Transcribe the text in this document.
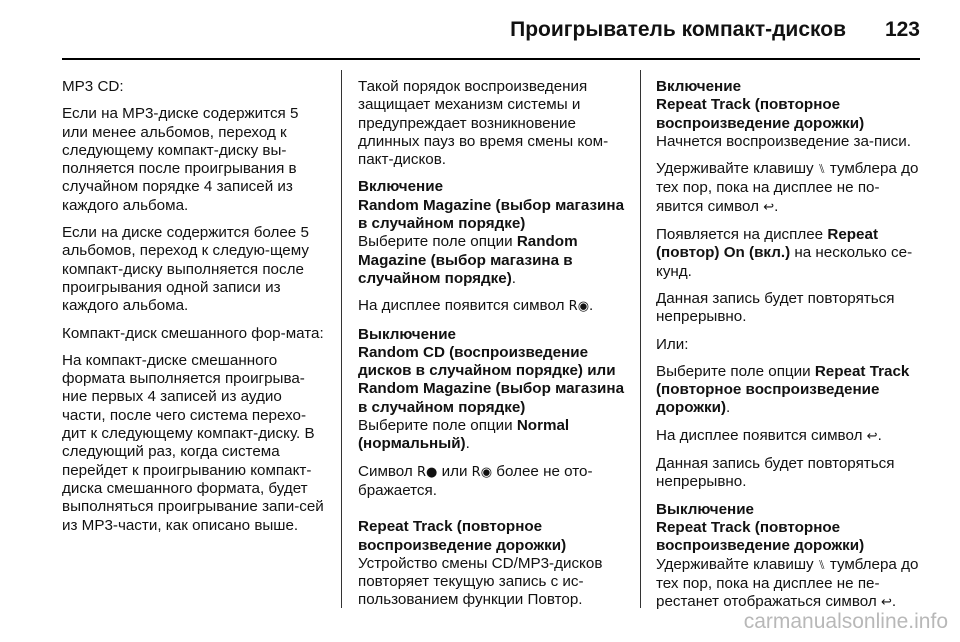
Проигрыватель компакт-дисков 123

MP3 CD:

Если на MP3-диске содержится 5 или менее альбомов, переход к следующему компакт-диску вы-полняется после проигрывания в случайном порядке 4 записей из каждого альбома.

Если на диске содержится более 5 альбомов, переход к следую-щему компакт-диску выполняется после проигрывания одной записи из каждого альбома.

Компакт-диск смешанного фор-мата:

На компакт-диске смешанного формата выполняется проигрыва-ние первых 4 записей из аудио части, после чего система перехо-дит к следующему компакт-диску. В следующий раз, когда система перейдет к проигрыванию компакт-диска смешанного формата, будет выполняться проигрывание запи-сей из MP3-части, как описано выше.

Такой порядок воспроизведения защищает механизм системы и предупреждает возникновение длинных пауз во время смены ком-пакт-дисков.

Включение
Random Magazine (выбор магазина в случайном порядке)

Выберите поле опции Random Magazine (выбор магазина в случайном порядке).

На дисплее появится символ R◉.

Выключение
Random CD (воспроизведение дисков в случайном порядке) или Random Magazine (выбор магазина в случайном порядке)

Выберите поле опции Normal (нормальный).

Символ R● или R◉ более не ото-бражается.

Repeat Track (повторное воспроизведение дорожки)

Устройство смены CD/MP3-дисков повторяет текущую запись с ис-пользованием функции Повтор.

Включение
Repeat Track (повторное воспроизведение дорожки)

Начнется воспроизведение за-писи.

Удерживайте клавишу ⑊ тумблера до тех пор, пока на дисплее не по-явится символ ↩.

Появляется на дисплее Repeat (повтор) On (вкл.) на несколько се-кунд.

Данная запись будет повторяться непрерывно.

Или:

Выберите поле опции Repeat Track (повторное воспроизведение дорожки).

На дисплее появится символ ↩.

Данная запись будет повторяться непрерывно.

Выключение
Repeat Track (повторное воспроизведение дорожки)

Удерживайте клавишу ⑊ тумблера до тех пор, пока на дисплее не пе-рестанет отображаться символ ↩.

carmanualsonline.info
